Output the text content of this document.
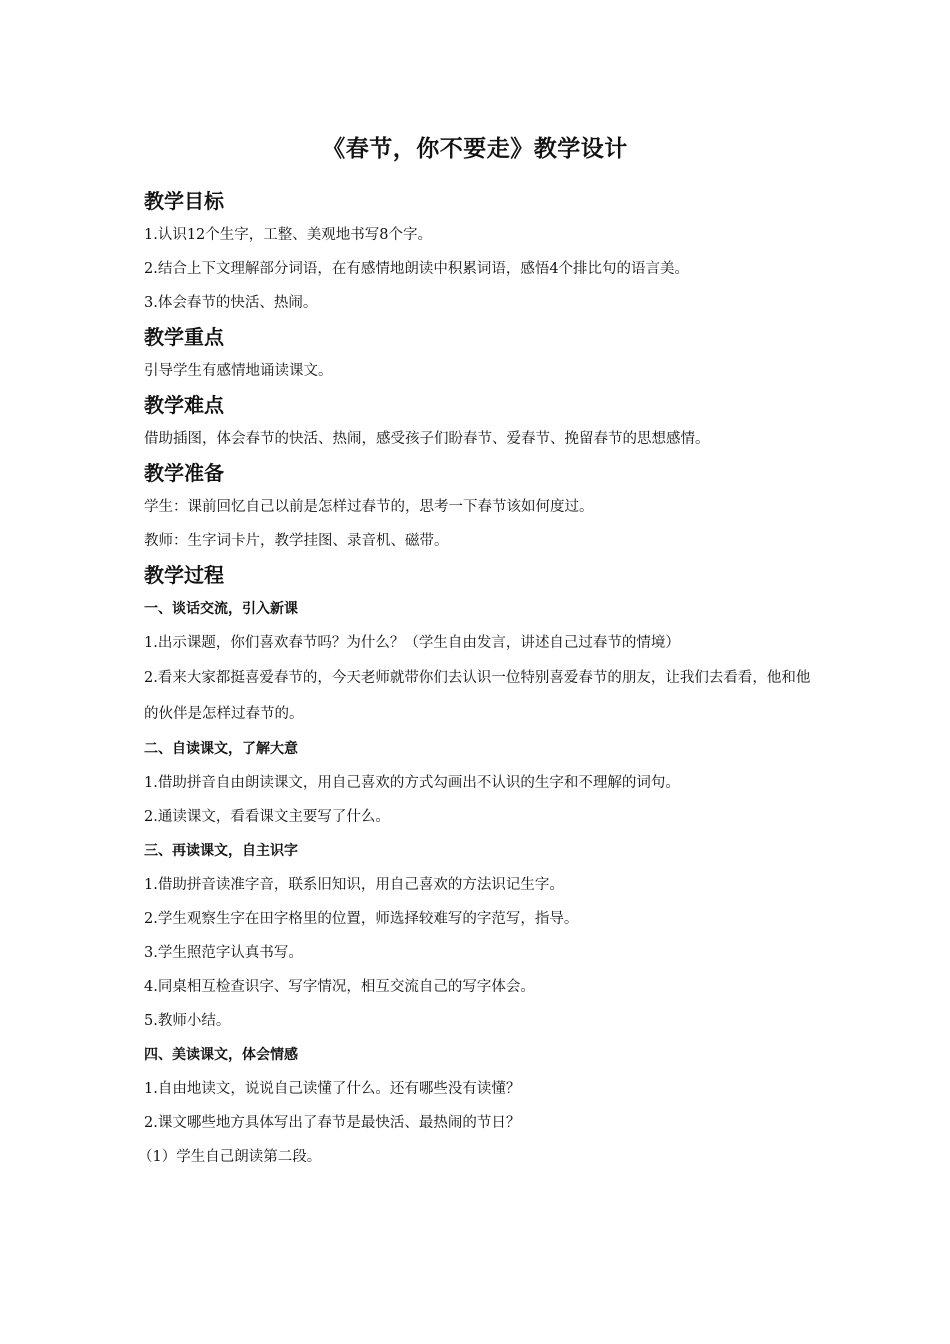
《春节，你不要走》教学设计
教学目标
1.认识12个生字，工整、美观地书写8个字。
2.结合上下文理解部分词语，在有感情地朗读中积累词语，感悟4个排比句的语言美。
3.体会春节的快活、热闹。
教学重点
引导学生有感情地诵读课文。
教学难点
借助插图，体会春节的快活、热闹，感受孩子们盼春节、爱春节、挽留春节的思想感情。
教学准备
学生：课前回忆自己以前是怎样过春节的，思考一下春节该如何度过。
教师：生字词卡片，教学挂图、录音机、磁带。
教学过程
一、谈话交流，引入新课
1.出示课题，你们喜欢春节吗？为什么？（学生自由发言，讲述自己过春节的情境）
2.看来大家都挺喜爱春节的，今天老师就带你们去认识一位特别喜爱春节的朋友，让我们去看看，他和他的伙伴是怎样过春节的。
二、自读课文，了解大意
1.借助拼音自由朗读课文，用自己喜欢的方式勾画出不认识的生字和不理解的词句。
2.通读课文，看看课文主要写了什么。
三、再读课文，自主识字
1.借助拼音读准字音，联系旧知识，用自己喜欢的方法识记生字。
2.学生观察生字在田字格里的位置，师选择较难写的字范写，指导。
3.学生照范字认真书写。
4.同桌相互检查识字、写字情况，相互交流自己的写字体会。
5.教师小结。
四、美读课文，体会情感
1.自由地读文，说说自己读懂了什么。还有哪些没有读懂？
2.课文哪些地方具体写出了春节是最快活、最热闹的节日？
（1）学生自己朗读第二段。
